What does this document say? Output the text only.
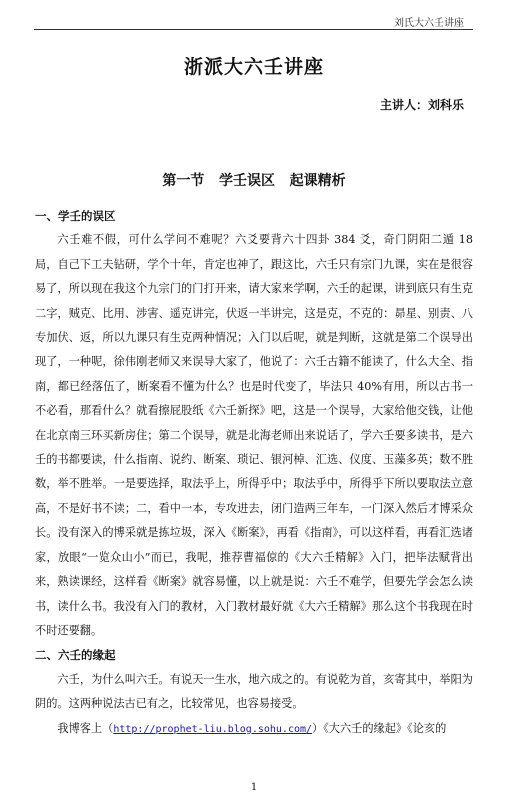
刘氏大六壬讲座
浙派大六壬讲座
主讲人：刘科乐
第一节   学壬误区   起课精析
一、学壬的误区
六壬难不假，可什么学问不难呢？六爻要背六十四卦 384 爻，奇门阴阳二遁 18 局，自己下工夫钻研，学个十年，肯定也神了，跟这比，六壬只有宗门九课，实在是很容易了，所以现在我这个九宗门的门打开来，请大家来学啊，六壬的起课，讲到底只有生克二字，贼克、比用、涉害、遥克讲完，伏返一半讲完，这是克，不克的：昴星、别责、八专加伏、返，所以九课只有生克两种情况；入门以后呢，就是判断，这就是第二个误导出现了，一种呢，徐伟刚老师又来误导大家了，他说了：六壬古籍不能读了，什么大全、指南，都已经落伍了，断案看不懂为什么？也是时代变了，毕法只 40%有用，所以古书一不必看，那看什么？就看擦屁股纸《六壬新探》吧，这是一个误导，大家给他交钱，让他在北京南三环买新房住；第二个误导，就是北海老师出来说话了，学六壬要多读书，是六壬的书都要读，什么指南、说约、断案、琐记、银河棹、汇选、仪度、玉藻多英；数不胜数，举不胜举。一是要选择，取法乎上，所得乎中；取法乎中，所得乎下所以要取法立意高，不是好书不读；二，看中一本，专攻进去，闭门造两三年车，一门深入然后才博采众长。没有深入的博采就是拣垃圾，深入《断案》，再看《指南》，可以这样看，再看汇选诸家，放眼“一览众山小”而已，我呢，推荐曹福倞的《大六壬精解》入门，把毕法赋背出来，熟读课经，这样看《断案》就容易懂，以上就是说：六壬不难学，但要先学会怎么读书，读什么书。我没有入门的教材，入门教材最好就《大六壬精解》那么这个书我现在时不时还要翻。
二、六壬的缘起
六壬，为什么叫六壬。有说天一生水，地六成之的。有说乾为首，亥寄其中，举阳为阴的。这两种说法古已有之，比较常见，也容易接受。
我博客上（http://prophet-liu.blog.sohu.com/）《大六壬的缘起》《论亥的
1
